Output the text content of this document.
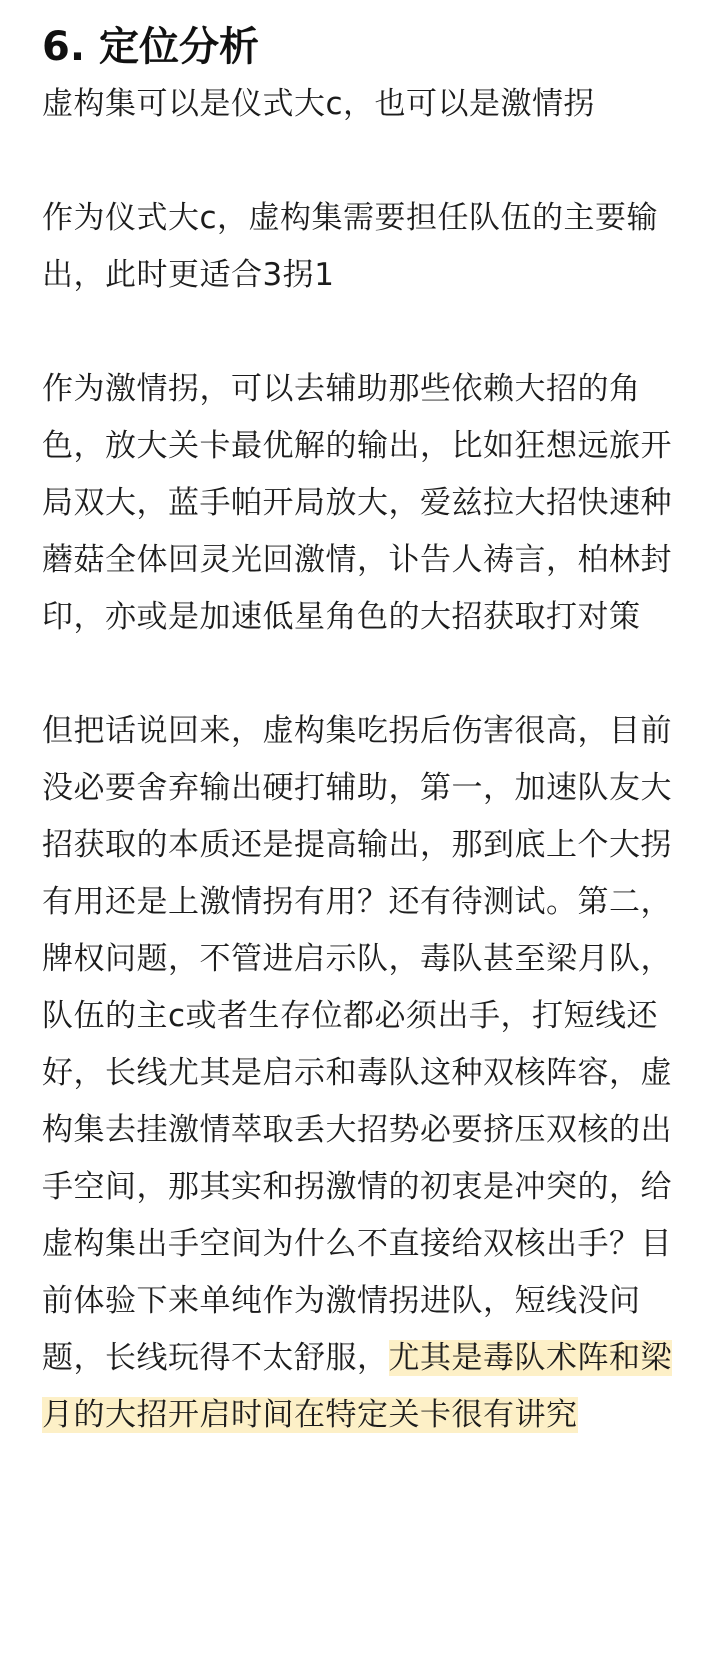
6. 定位分析

虚构集可以是仪式大c，也可以是激情拐

作为仪式大c，虚构集需要担任队伍的主要输出，此时更适合3拐1

作为激情拐，可以去辅助那些依赖大招的角色，放大关卡最优解的输出，比如狂想远旅开局双大，蓝手帕开局放大，爱兹拉大招快速种蘑菇全体回灵光回激情，讣告人祷言，柏林封印，亦或是加速低星角色的大招获取打对策

但把话说回来，虚构集吃拐后伤害很高，目前没必要舍弃输出硬打辅助，第一，加速队友大招获取的本质还是提高输出，那到底上个大拐有用还是上激情拐有用？还有待测试。第二，牌权问题，不管进启示队，毒队甚至梁月队，队伍的主c或者生存位都必须出手，打短线还好，长线尤其是启示和毒队这种双核阵容，虚构集去挂激情萃取丢大招势必要挤压双核的出手空间，那其实和拐激情的初衷是冲突的，给虚构集出手空间为什么不直接给双核出手？目前体验下来单纯作为激情拐进队，短线没问题，长线玩得不太舒服，尤其是毒队术阵和梁月的大招开启时间在特定关卡很有讲究
